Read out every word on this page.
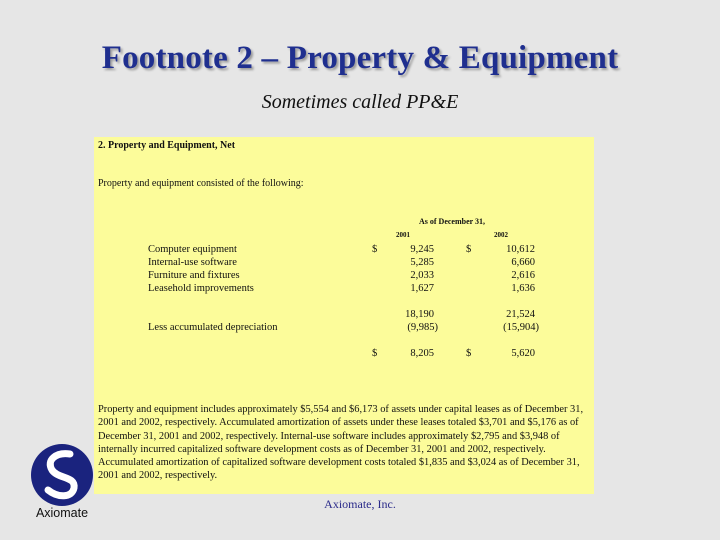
Footnote 2 – Property & Equipment

Sometimes called PP&E

2. Property and Equipment, Net
Property and equipment consisted of the following:
As of December 31,
2001	2002
Computer equipment	$	9,245	$	10,612
Internal-use software	5,285	6,660
Furniture and fixtures	2,033	2,616
Leasehold improvements	1,627	1,636
18,190	21,524
Less accumulated depreciation	(9,985)	(15,904)
$	8,205	$	5,620

Property and equipment includes approximately $5,554 and $6,173 of assets under capital leases as of December 31, 2001 and 2002, respectively. Accumulated amortization of assets under these leases totaled $3,701 and $5,176 as of December 31, 2001 and 2002, respectively. Internal-use software includes approximately $2,795 and $3,948 of internally incurred capitalized software development costs as of December 31, 2001 and 2002, respectively. Accumulated amortization of capitalized software development costs totaled $1,835 and $3,024 as of December 31, 2001 and 2002, respectively.

Axiomate
Axiomate, Inc.
